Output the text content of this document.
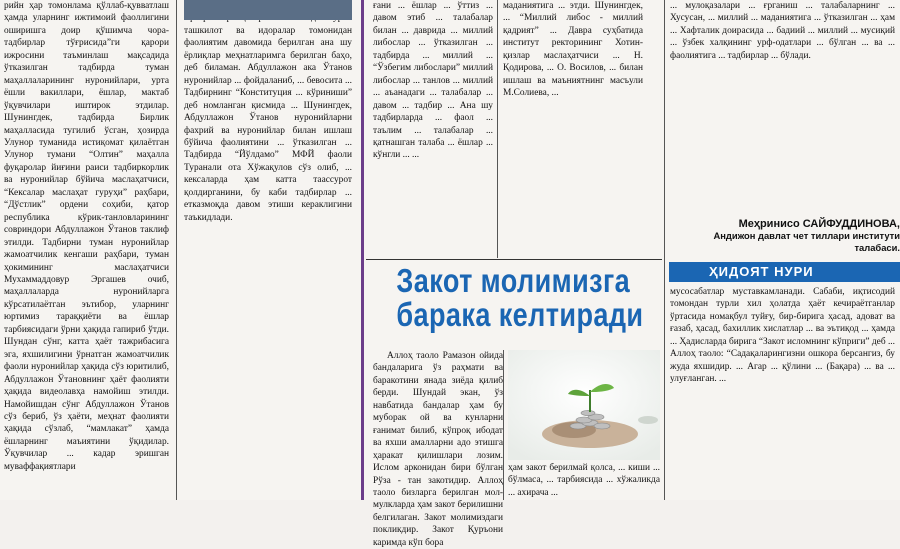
рийн ҳар томонлама қўллаб-қувватлаш ҳамда уларнинг ижтимоий фаоллигини оширишга доир қўшимча чора-тадбирлар тўғрисида”ги қарори ижросини таъминлаш мақсадида ўтказилган тадбирда туман маҳаллаларининг нуронийлари, урта ёшли вакиллари, ёшлар, мактаб ўқувчилари иштирок этдилар. Шунингдек, тадбирда Бирлик маҳалласида тугилиб ўсган, ҳозирда Улунор туманида истиқомат қилаётган Улунор тумани “Олтин” маҳалла фуқаролар йиғини раиси тадбиркорлик ва нуронийлар бўйича маслаҳатчиси, “Кексалар маслаҳат гуруҳи” раҳбари, “Дўстлик” ордени соҳиби, қатор республика кўрик-танловларининг совриндори Абдуллажон Ўтанов таклиф этилди. Тадбирни туман нуронийлар жамоатчилик кенгаши раҳбари, туман ҳокимининг маслаҳатчиси Мухаммаддовур Эргашев очиб, маҳаллаларда нуронийларга кўрсатилаётган эътибор, уларнинг юртимиз тараққиёти ва ёшлар тарбиясидаги ўрни ҳақида гапириб ўтди. Шундан сўнг, катта ҳаёт тажрибасига эга, яхшилигини ўрнатган жамоатчилик фаоли нуронийлар ҳақида сўз юритилиб, Абдуллажон Ўтановнинг ҳаёт фаолияти ҳақида видеолавҳа намойиш этилди. Намойишдан сўнг Абдуллажон Ўтанов сўз бериб, ўз ҳаёти, меҳнат фаолияти ҳақида сўзлаб, “мамлакат” ҳамда ёшларнинг маъиятини ўқидилар. Ўқувчилар ... кадар эришган муваффақиятлари

ташкилот ва идоралар томонидан фаолиятим давомида берилган ана шу ёрлиқлар меҳнатларимга берилган баҳо, деб биламан. Абдуллажон ака Ўтанов нуронийлар ... фойдаланиб, ... бевосита ... Тадбирнинг “Конституция ... кўриниши” деб номланган қисмида ... Шунингдек, Абдуллажон Ўтанов нуронийларни фахрий ва нуронийлар билан ишлаш бўйича фаолиятини ... ўтказилган ... Тадбирда “Йўлдамо” МФЙ фаоли Туранали ота Хўжақулов сўз олиб, ... кексаларда ҳам катта таассурот қолдирганини, бу каби тадбирлар ... етказмоқда давом этиши кераклигини таъкидлади.

ғани ... ёшлар ... ўттиз ... давом этиб ... талабалар билан ... даврида ... миллий либослар ... ўтказилган ... тадбирда ... миллий ... “Ўзбегим либослари” миллий либослар ... танлов ... миллий ... аъанадаги ... талабалар ... давом ... тадбир ... Ана шу тадбирларда ... фаол ... таълим ... талабалар ... қатнашган талаба ... ёшлар ... кўнгли ... ...

маданиятига ... этди. Шунингдек, ... “Миллий либос - миллий қадрият” ... Давра суҳбатида институт ректорининг Хотин-қизлар маслаҳатчиси ... Н. Қодирова, ... О. Восилов, ... билан ишлаш ва маъниятнинг масъули М.Солиева, ...

... мулоқазалари ... ғрганиш ... талабаларнинг ... Хусусан, ... миллий ... маданиятига ... ўтказилган ... ҳам ... Хафталик доирасида ... бадиий ... миллий ... мусиқий ... ўзбек халқининг урф-одатлари ... бўлган ... ва ... фаолиятига ... тадбирлар ... бўлади.

Меҳринисо САЙФУДДИНОВА,
Андижон давлат чет тиллари институти талабаси.
ҲИДОЯТ НУРИ
Закот молимизга
барака келтиради

Аллоҳ таоло Рамазон ойида бандаларига ўз раҳмати ва баракотини янада зиёда қилиб берди. Шундай экан, ўз навбатида бандалар ҳам бу муборак ой ва кунларни ғанимат билиб, кўпроқ ибодат ва яхши амалларни адо этишга ҳаракат қилишлари лозим. Ислом арконидан бири бўлган Рўза - тан закотидир. Аллоҳ таоло бизларга берилган мол-мулкларда ҳам закот берилишни белгилаган. Закот молимиздаги покликдир. Закот Қуръони каримда кўп бора

ҳам закот берилмай қолса, ... киши ... бўлмаса, ... тарбиясида ... хўжаликда ... ахирача ...

мусосабатлар муставкамланади. Сабаби, иқтисодий томондан турли хил ҳолатда ҳаёт кечираётганлар ўртасида номақбул туйғу, бир-бирига ҳасад, адоват ва ғазаб, ҳасад, бахиллик хислатлар ... ва эътиқод ... ҳамда ... Ҳадисларда бирига “Закот исломнинг кўприги” деб ... Аллоҳ таоло: “Садақаларингизни ошкора берсангиз, бу жуда яхшидир. ... Агар ... қўлини ... (Бақара) ... ва ... улуғланган. ...
